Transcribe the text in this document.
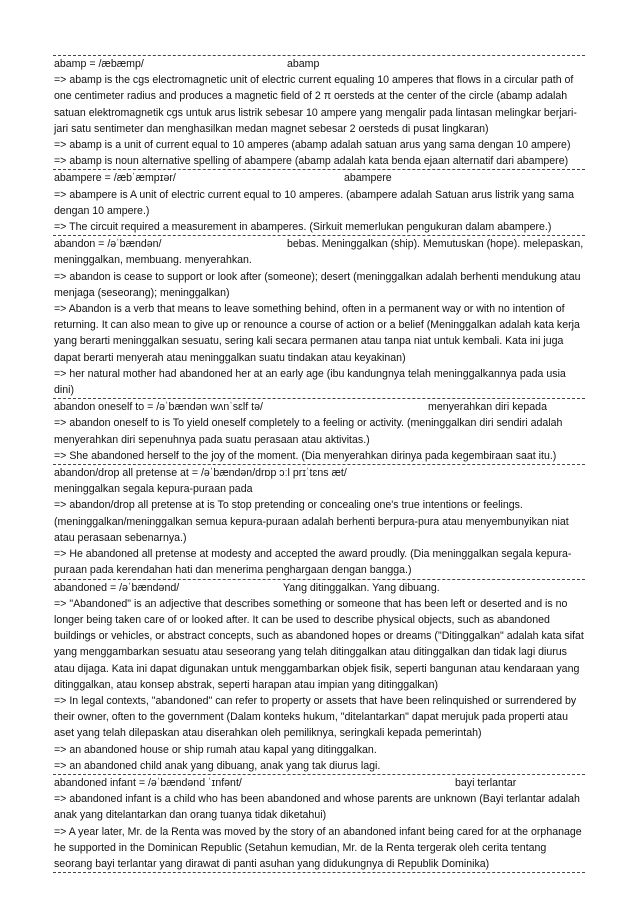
abamp = /æbæmp/	abamp
=> abamp is the cgs electromagnetic unit of electric current equaling 10 amperes that flows in a circular path of one centimeter radius and produces a magnetic field of 2 π oersteds at the center of the circle (abamp adalah satuan elektromagnetik cgs untuk arus listrik sebesar 10 ampere yang mengalir pada lintasan melingkar berjari- jari satu sentimeter dan menghasilkan medan magnet sebesar 2 oersteds di pusat lingkaran)
=> abamp is a unit of current equal to 10 amperes (abamp adalah satuan arus yang sama dengan 10 ampere)
=> abamp is noun alternative spelling of abampere (abamp adalah kata benda ejaan alternatif dari abampere)
abampere = /æbˈæmpɪər/	abampere
=> abampere is A unit of electric current equal to 10 amperes. (abampere adalah Satuan arus listrik yang sama dengan 10 ampere.)
=> The circuit required a measurement in abamperes. (Sirkuit memerlukan pengukuran dalam abampere.)
abandon = /əˈbændən/	bebas. Meninggalkan (ship). Memutuskan (hope). melepaskan, meninggalkan, membuang. menyerahkan.
=> abandon is cease to support or look after (someone); desert (meninggalkan adalah berhenti mendukung atau menjaga (seseorang); meninggalkan)
=> Abandon is a verb that means to leave something behind, often in a permanent way or with no intention of returning. It can also mean to give up or renounce a course of action or a belief (Meninggalkan adalah kata kerja yang berarti meninggalkan sesuatu, sering kali secara permanen atau tanpa niat untuk kembali. Kata ini juga dapat berarti menyerah atau meninggalkan suatu tindakan atau keyakinan)
=> her natural mother had abandoned her at an early age (ibu kandungnya telah meninggalkannya pada usia dini)
abandon oneself to = /əˈbændən wʌnˈsɛlf tə/	menyerahkan diri kepada
=> abandon oneself to is To yield oneself completely to a feeling or activity. (meninggalkan diri sendiri adalah menyerahkan diri sepenuhnya pada suatu perasaan atau aktivitas.)
=> She abandoned herself to the joy of the moment. (Dia menyerahkan dirinya pada kegembiraan saat itu.)
abandon/drop all pretense at = /əˈbændən/drɒp ɔːl prɪˈtɛns æt/
meninggalkan segala kepura-puraan pada
=> abandon/drop all pretense at is To stop pretending or concealing one's true intentions or feelings. (meninggalkan/meninggalkan semua kepura-puraan adalah berhenti berpura-pura atau menyembunyikan niat atau perasaan sebenarnya.)
=> He abandoned all pretense at modesty and accepted the award proudly. (Dia meninggalkan segala kepura-puraan pada kerendahan hati dan menerima penghargaan dengan bangga.)
abandoned = /əˈbændənd/	Yang ditinggalkan. Yang dibuang.
=> "Abandoned" is an adjective that describes something or someone that has been left or deserted and is no longer being taken care of or looked after. It can be used to describe physical objects, such as abandoned buildings or vehicles, or abstract concepts, such as abandoned hopes or dreams ("Ditinggalkan" adalah kata sifat yang menggambarkan sesuatu atau seseorang yang telah ditinggalkan atau ditinggalkan dan tidak lagi diurus atau dijaga. Kata ini dapat digunakan untuk menggambarkan objek fisik, seperti bangunan atau kendaraan yang ditinggalkan, atau konsep abstrak, seperti harapan atau impian yang ditinggalkan)
=> In legal contexts, "abandoned" can refer to property or assets that have been relinquished or surrendered by their owner, often to the government (Dalam konteks hukum, "ditelantarkan" dapat merujuk pada properti atau aset yang telah dilepaskan atau diserahkan oleh pemiliknya, seringkali kepada pemerintah)
=> an abandoned house or ship rumah atau kapal yang ditinggalkan.
=> an abandoned child anak yang dibuang, anak yang tak diurus lagi.
abandoned infant = /əˈbændənd ˈɪnfənt/	bayi terlantar
=> abandoned infant is a child who has been abandoned and whose parents are unknown (Bayi terlantar adalah anak yang ditelantarkan dan orang tuanya tidak diketahui)
=> A year later, Mr. de la Renta was moved by the story of an abandoned infant being cared for at the orphanage he supported in the Dominican Republic (Setahun kemudian, Mr. de la Renta tergerak oleh cerita tentang seorang bayi terlantar yang dirawat di panti asuhan yang didukungnya di Republik Dominika)
